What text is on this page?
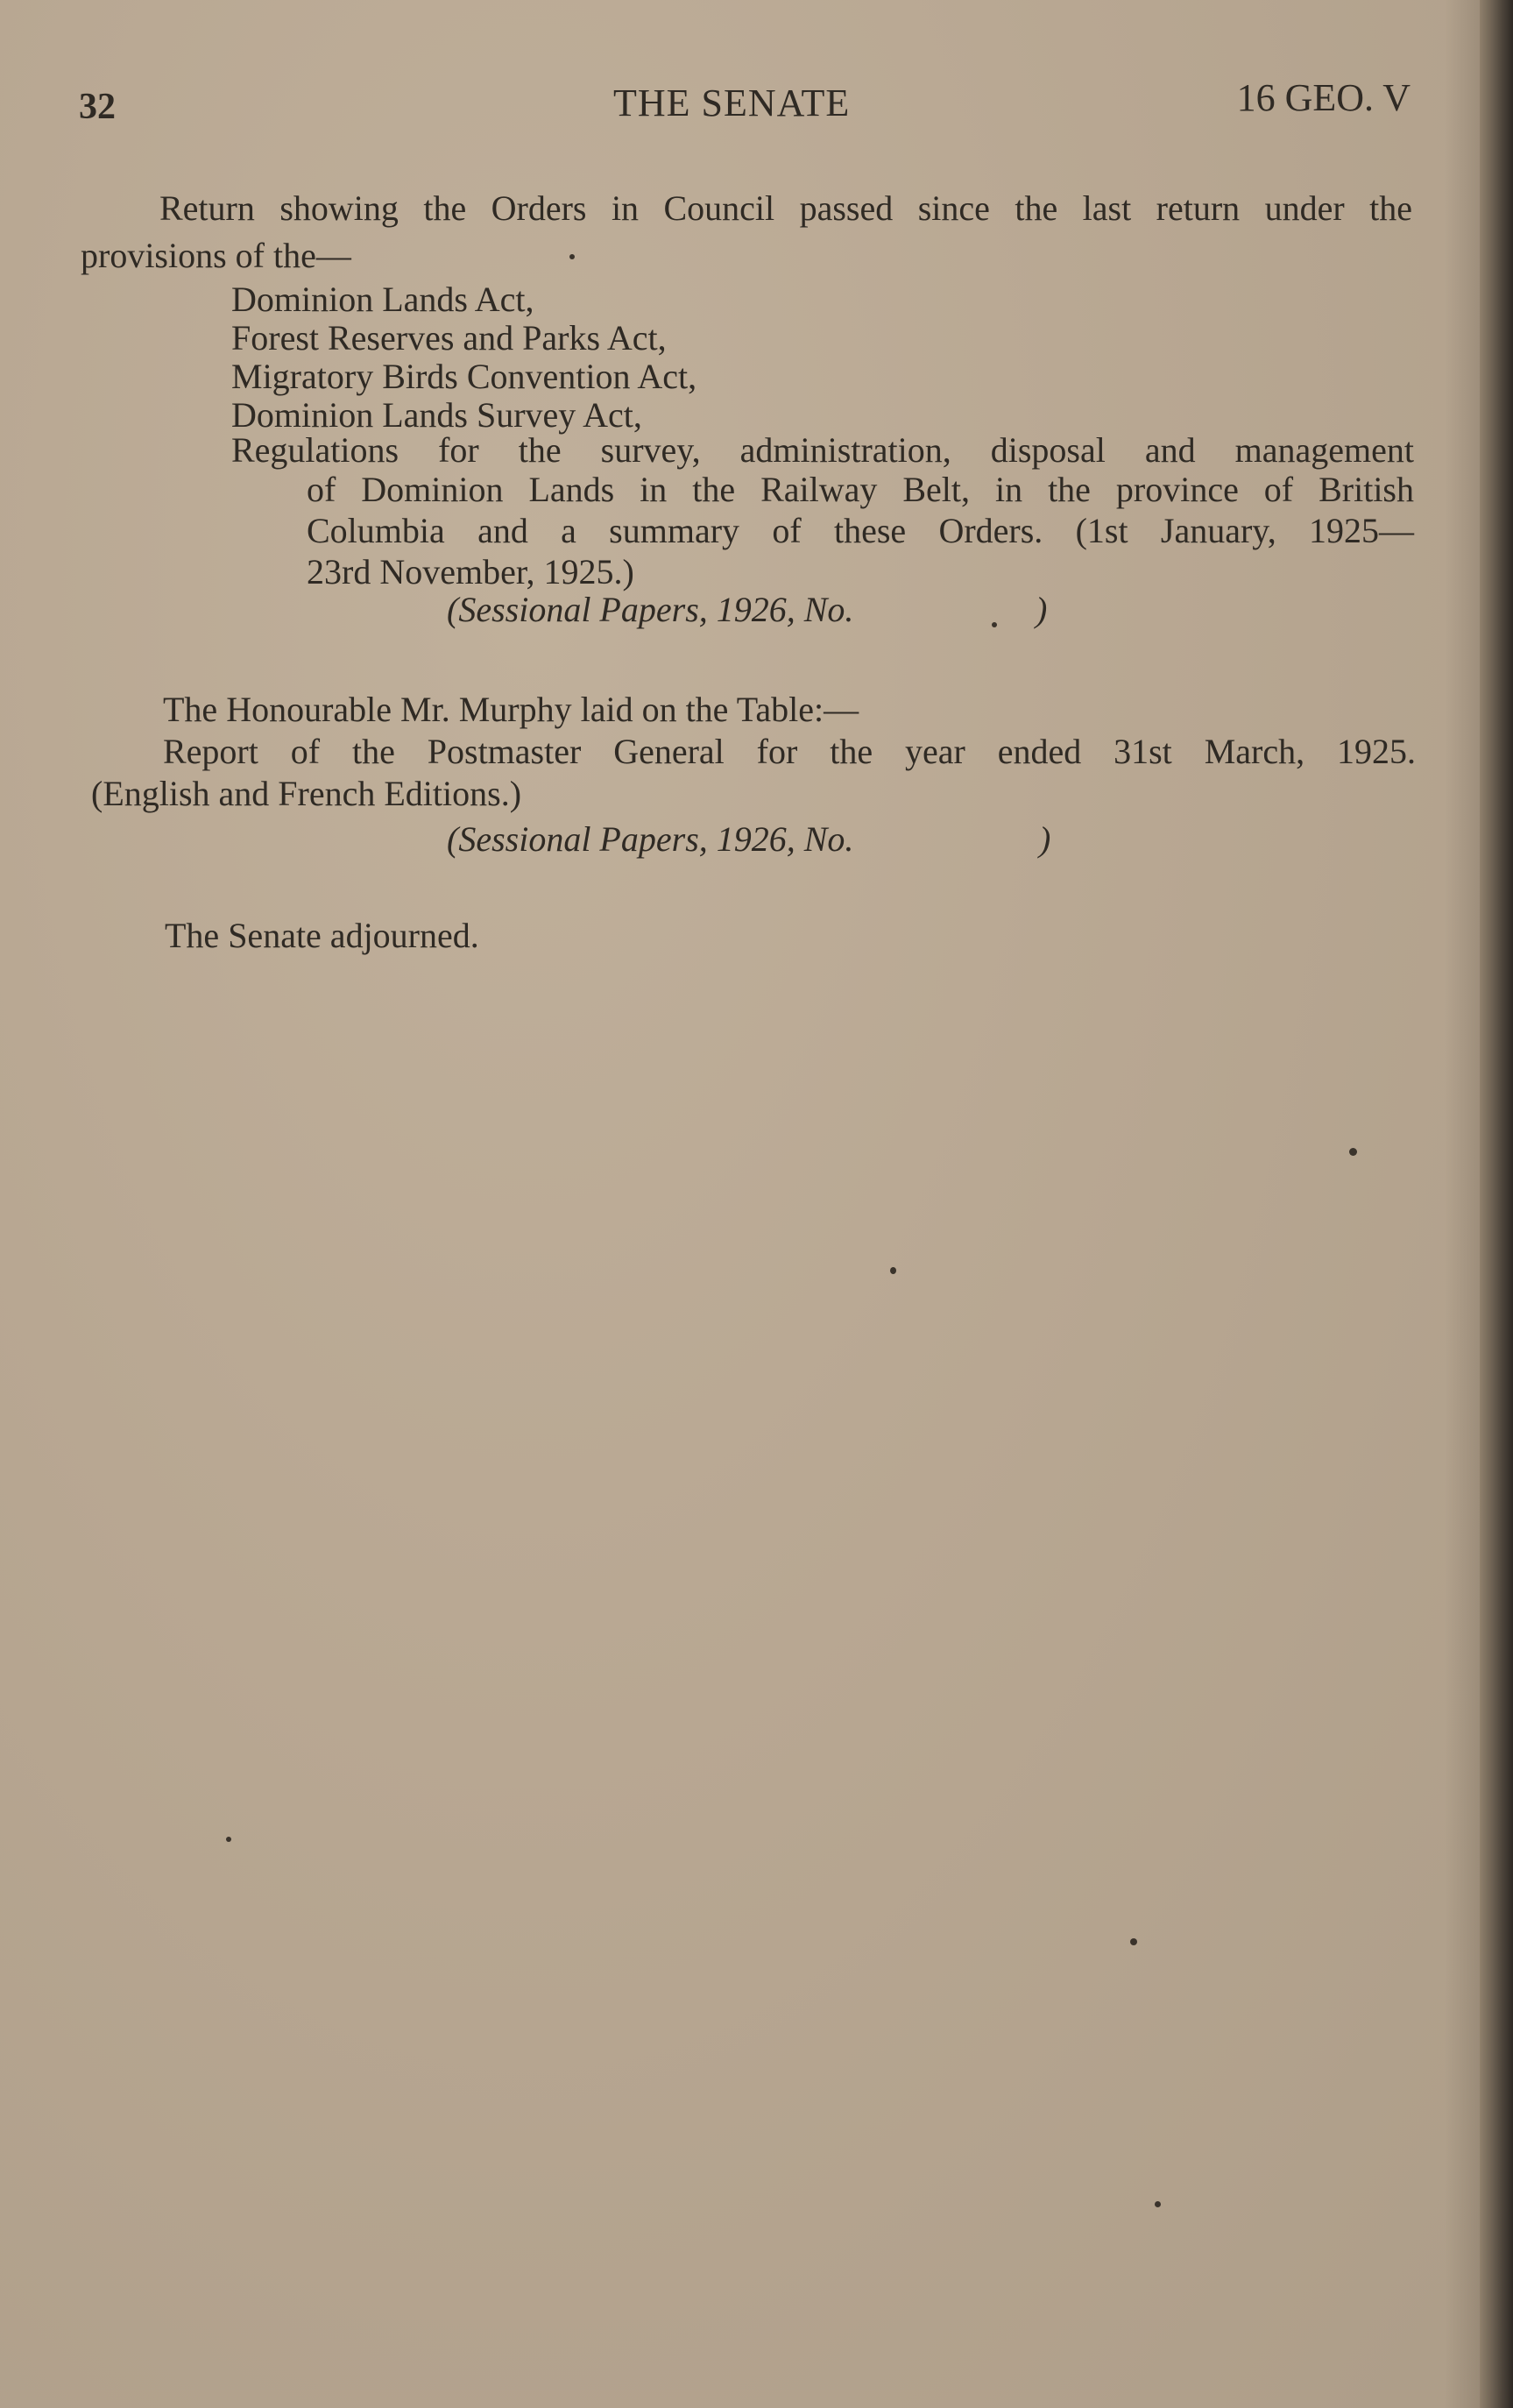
32	THE SENATE	16 GEO. V
Return showing the Orders in Council passed since the last return under the
provisions of the—
Dominion Lands Act,
Forest Reserves and Parks Act,
Migratory Birds Convention Act,
Dominion Lands Survey Act,
Regulations for the survey, administration, disposal and management
of Dominion Lands in the Railway Belt, in the province of British
Columbia and a summary of these Orders. (1st January, 1925—
23rd November, 1925.)
(Sessional Papers, 1926, No.	)
The Honourable Mr. Murphy laid on the Table:—
Report of the Postmaster General for the year ended 31st March, 1925.
(English and French Editions.)
(Sessional Papers, 1926, No.	)
The Senate adjourned.
